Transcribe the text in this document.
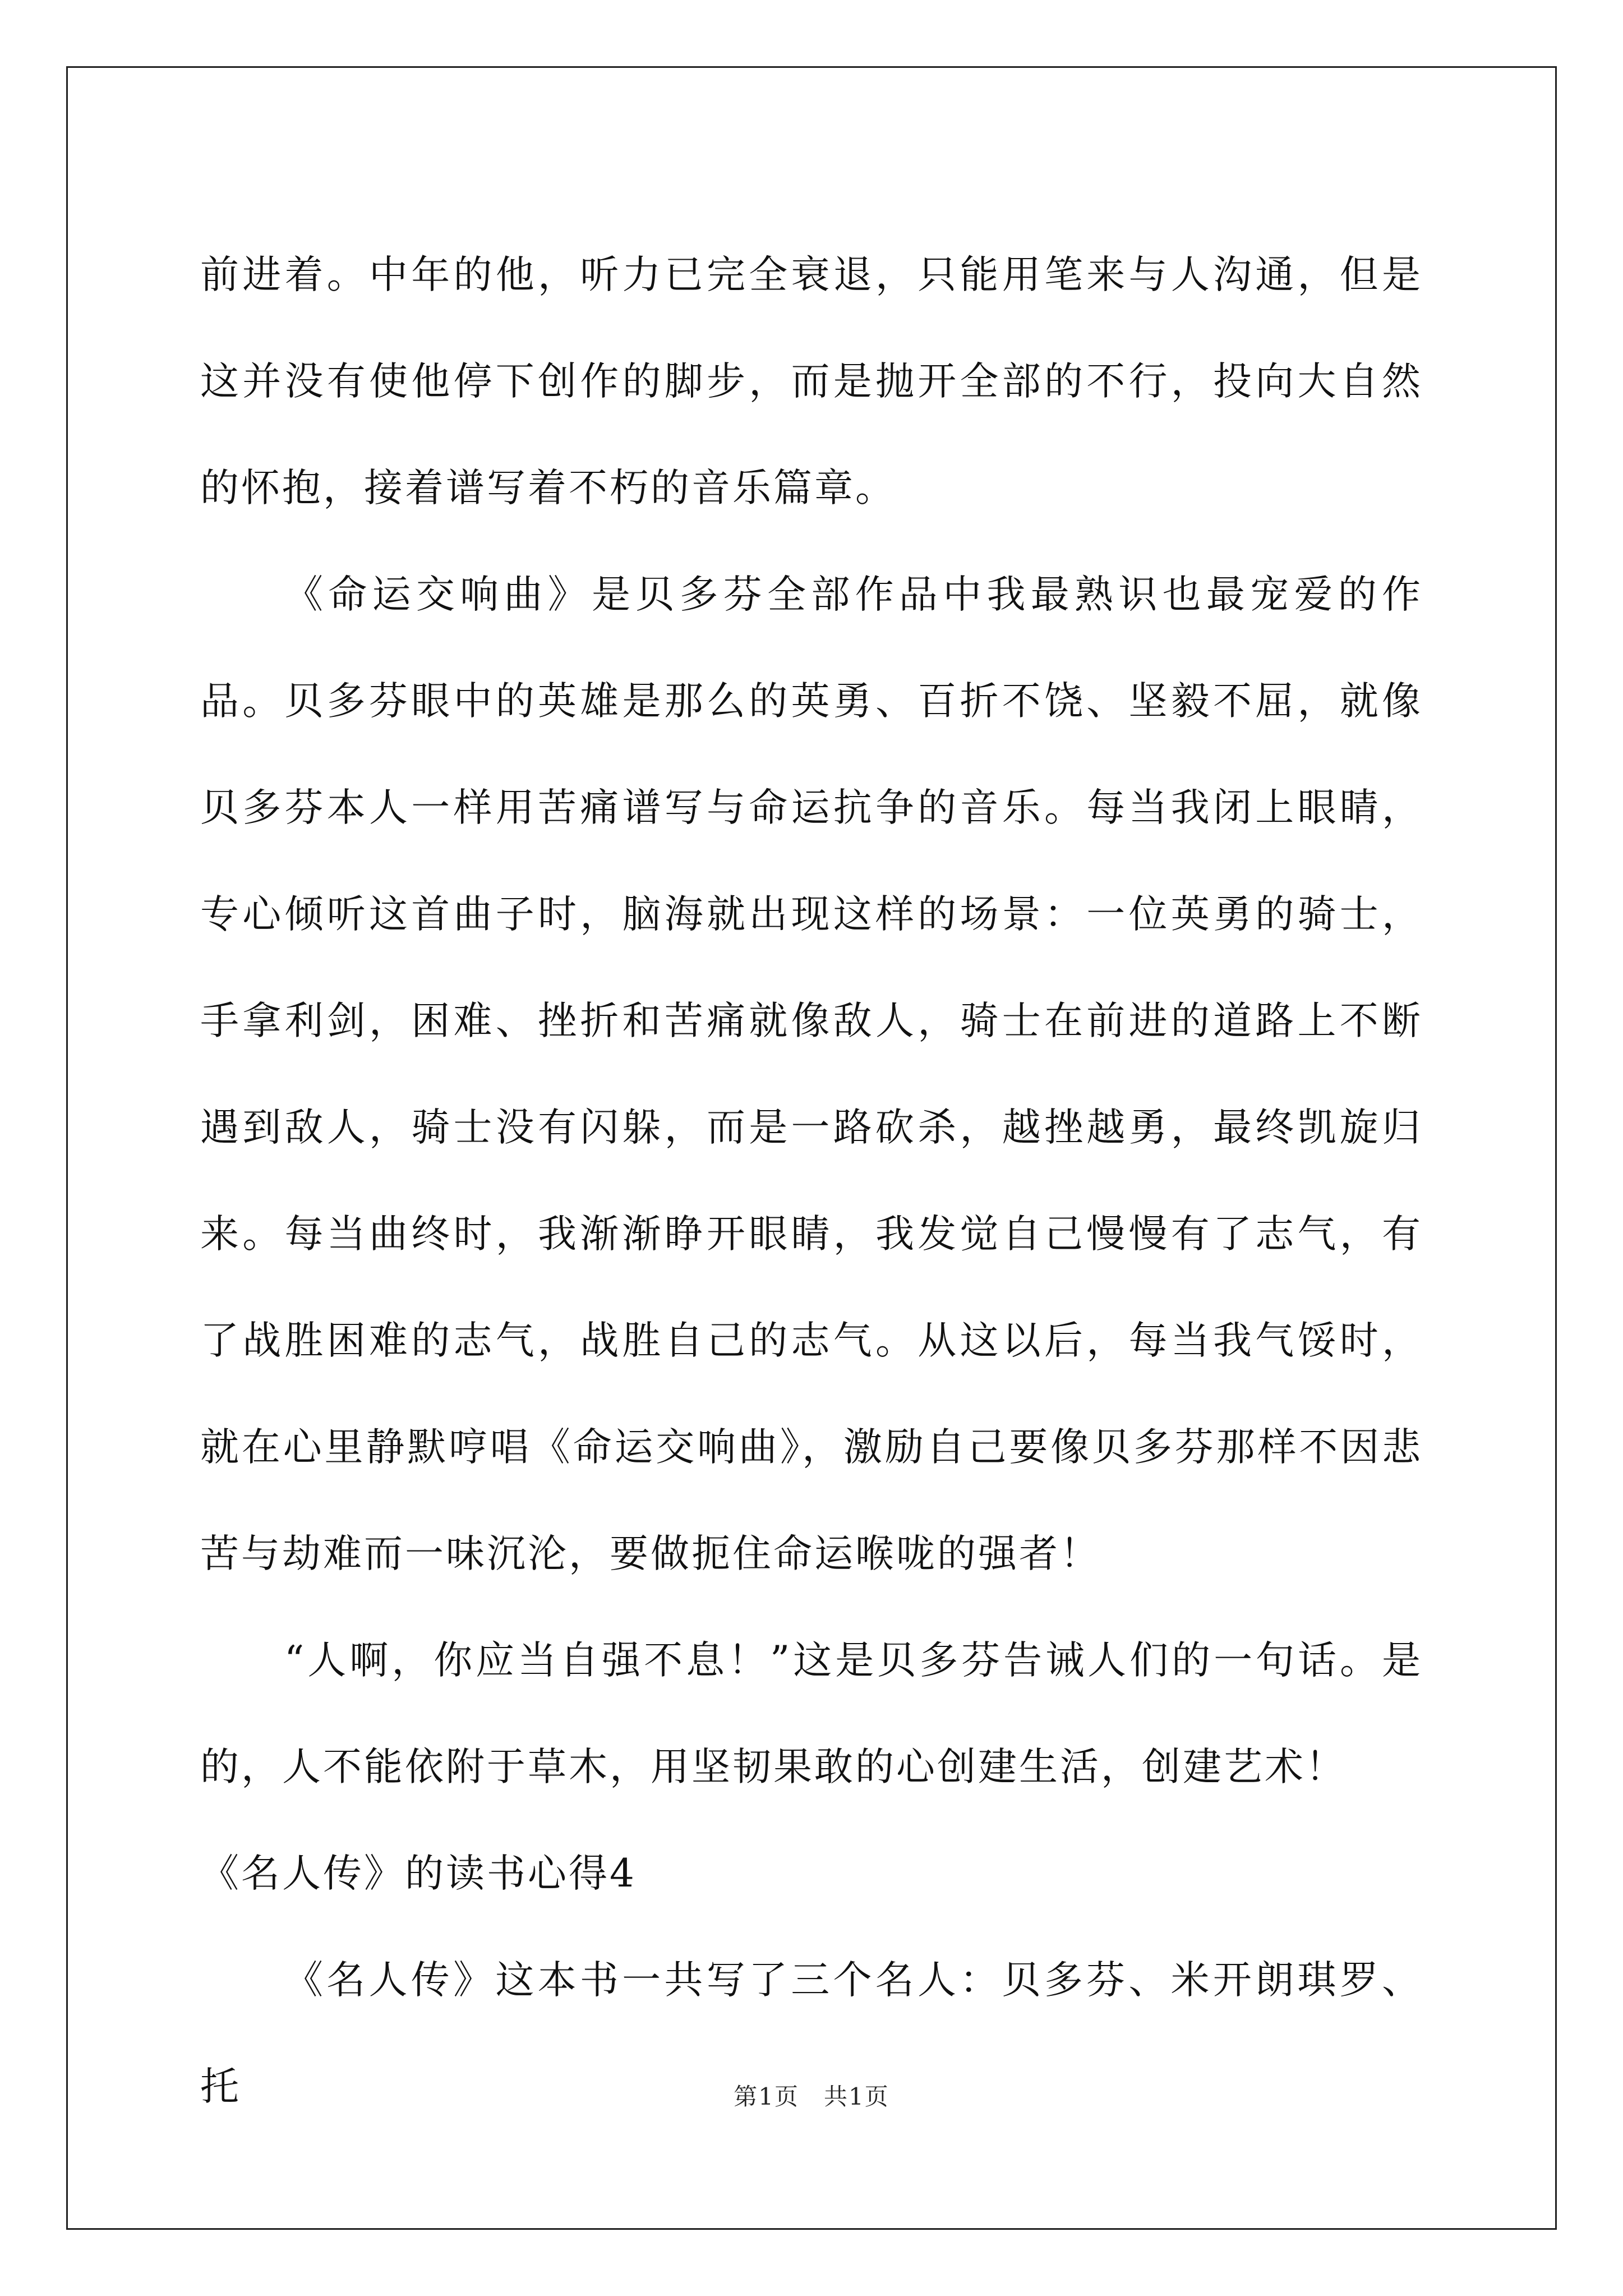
前进着。中年的他，听力已完全衰退，只能用笔来与人沟通，但是这并没有使他停下创作的脚步，而是抛开全部的不行，投向大自然的怀抱，接着谱写着不朽的音乐篇章。

《命运交响曲》是贝多芬全部作品中我最熟识也最宠爱的作品。贝多芬眼中的英雄是那么的英勇、百折不饶、坚毅不屈，就像贝多芬本人一样用苦痛谱写与命运抗争的音乐。每当我闭上眼睛，专心倾听这首曲子时，脑海就出现这样的场景：一位英勇的骑士，手拿利剑，困难、挫折和苦痛就像敌人，骑士在前进的道路上不断遇到敌人，骑士没有闪躲，而是一路砍杀，越挫越勇，最终凯旋归来。每当曲终时，我渐渐睁开眼睛，我发觉自己慢慢有了志气，有了战胜困难的志气，战胜自己的志气。从这以后，每当我气馁时，就在心里静默哼唱《命运交响曲》，激励自己要像贝多芬那样不因悲苦与劫难而一味沉沦，要做扼住命运喉咙的强者！

“人啊，你应当自强不息！”这是贝多芬告诫人们的一句话。是的，人不能依附于草木，用坚韧果敢的心创建生活，创建艺术！

《名人传》的读书心得4

《名人传》这本书一共写了三个名人：贝多芬、米开朗琪罗、托	第1页　共1页
